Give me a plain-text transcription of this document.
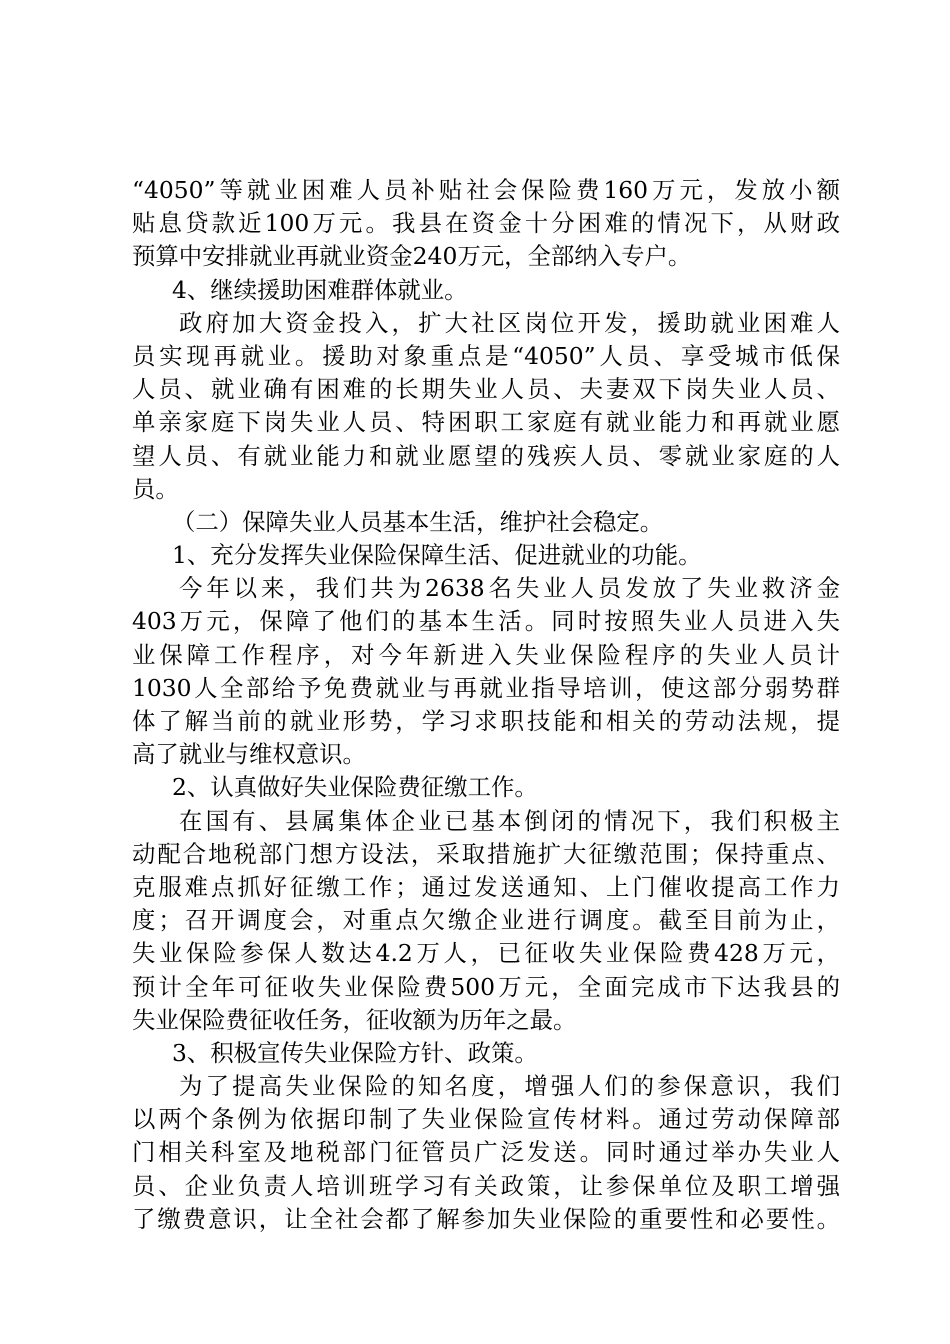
“4050”等就业困难人员补贴社会保险费160万元，发放小额
贴息贷款近100万元。我县在资金十分困难的情况下，从财政
预算中安排就业再就业资金240万元，全部纳入专户。
4、继续援助困难群体就业。
政府加大资金投入，扩大社区岗位开发，援助就业困难人
员实现再就业。援助对象重点是“4050”人员、享受城市低保
人员、就业确有困难的长期失业人员、夫妻双下岗失业人员、
单亲家庭下岗失业人员、特困职工家庭有就业能力和再就业愿
望人员、有就业能力和就业愿望的残疾人员、零就业家庭的人
员。
（二）保障失业人员基本生活，维护社会稳定。
1、充分发挥失业保险保障生活、促进就业的功能。
今年以来，我们共为2638名失业人员发放了失业救济金
403万元，保障了他们的基本生活。同时按照失业人员进入失
业保障工作程序，对今年新进入失业保险程序的失业人员计
1030人全部给予免费就业与再就业指导培训，使这部分弱势群
体了解当前的就业形势，学习求职技能和相关的劳动法规，提
高了就业与维权意识。
2、认真做好失业保险费征缴工作。
在国有、县属集体企业已基本倒闭的情况下，我们积极主
动配合地税部门想方设法，采取措施扩大征缴范围；保持重点、
克服难点抓好征缴工作；通过发送通知、上门催收提高工作力
度；召开调度会，对重点欠缴企业进行调度。截至目前为止，
失业保险参保人数达4.2万人，已征收失业保险费428万元，
预计全年可征收失业保险费500万元，全面完成市下达我县的
失业保险费征收任务，征收额为历年之最。
3、积极宣传失业保险方针、政策。
为了提高失业保险的知名度，增强人们的参保意识，我们
以两个条例为依据印制了失业保险宣传材料。通过劳动保障部
门相关科室及地税部门征管员广泛发送。同时通过举办失业人
员、企业负责人培训班学习有关政策，让参保单位及职工增强
了缴费意识，让全社会都了解参加失业保险的重要性和必要性。
